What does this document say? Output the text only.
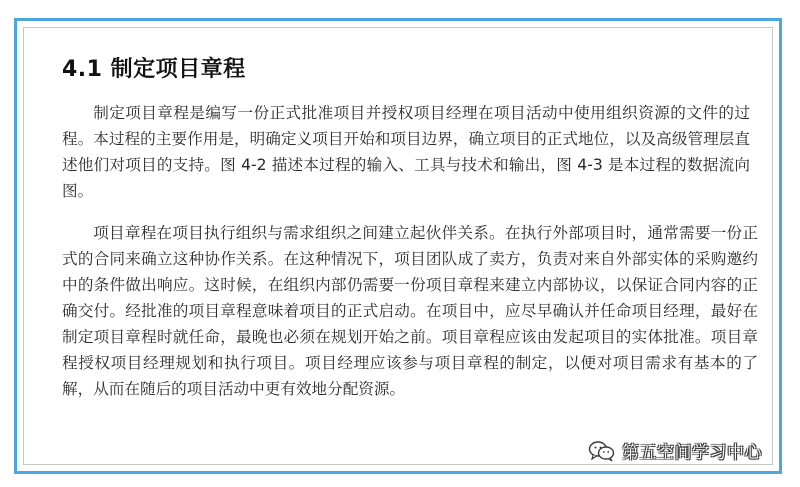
4.1 制定项目章程

制定项目章程是编写一份正式批准项目并授权项目经理在项目活动中使用组织资源的文件的过程。本过程的主要作用是，明确定义项目开始和项目边界，确立项目的正式地位，以及高级管理层直述他们对项目的支持。图 4-2 描述本过程的输入、工具与技术和输出，图 4-3 是本过程的数据流向图。

项目章程在项目执行组织与需求组织之间建立起伙伴关系。在执行外部项目时，通常需要一份正式的合同来确立这种协作关系。在这种情况下，项目团队成了卖方，负责对来自外部实体的采购邀约中的条件做出响应。这时候，在组织内部仍需要一份项目章程来建立内部协议，以保证合同内容的正确交付。经批准的项目章程意味着项目的正式启动。在项目中，应尽早确认并任命项目经理，最好在制定项目章程时就任命，最晚也必须在规划开始之前。项目章程应该由发起项目的实体批准。项目章程授权项目经理规划和执行项目。项目经理应该参与项目章程的制定，以便对项目需求有基本的了解，从而在随后的项目活动中更有效地分配资源。

第五空间学习中心
